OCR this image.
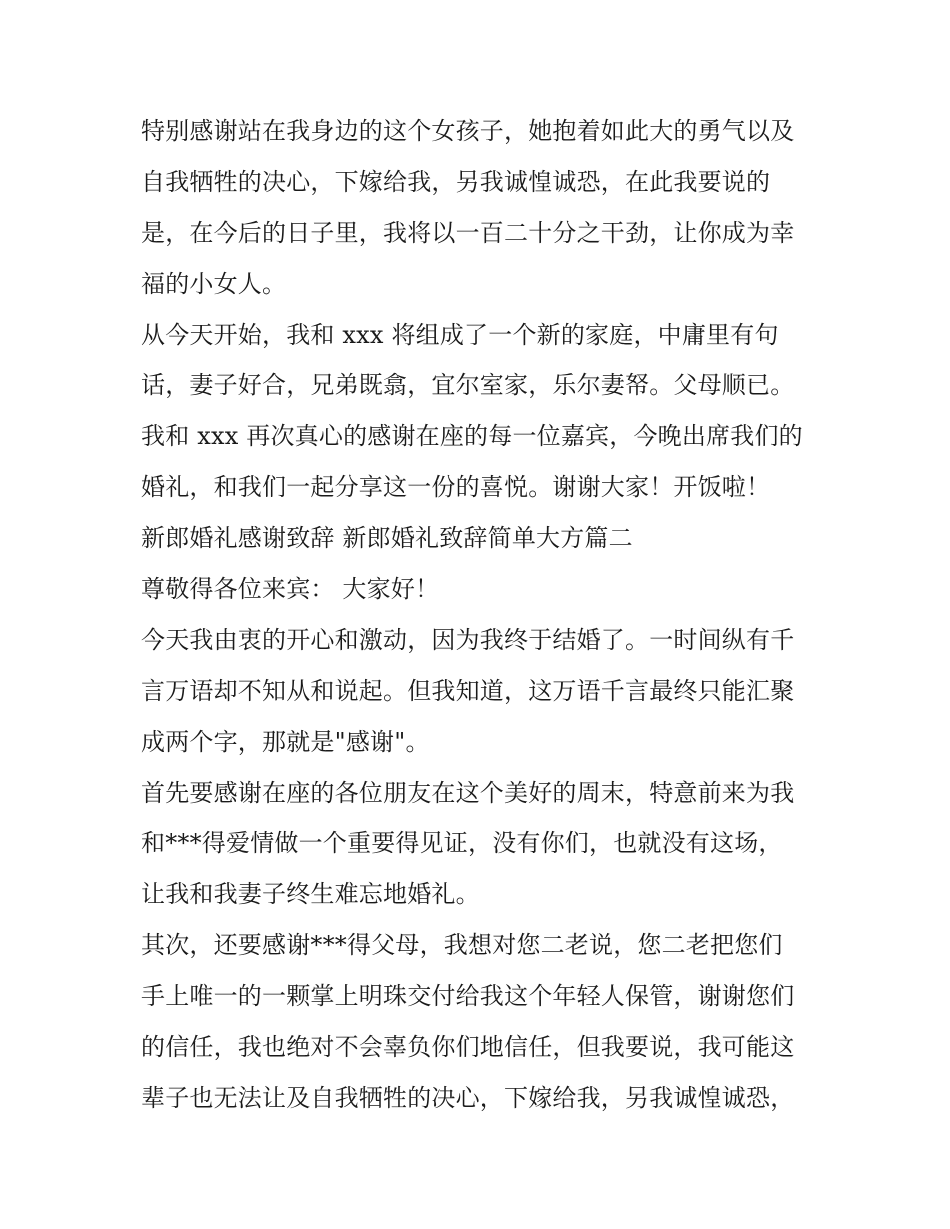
特别感谢站在我身边的这个女孩子，她抱着如此大的勇气以及
自我牺牲的决心，下嫁给我，另我诚惶诚恐，在此我要说的
是，在今后的日子里，我将以一百二十分之干劲，让你成为幸
福的小女人。
从今天开始，我和 xxx 将组成了一个新的家庭，中庸里有句
话，妻子好合，兄弟既翕，宜尔室家，乐尔妻帑。父母顺已。
我和 xxx 再次真心的感谢在座的每一位嘉宾，今晚出席我们的
婚礼，和我们一起分享这一份的喜悦。谢谢大家！开饭啦！
新郎婚礼感谢致辞 新郎婚礼致辞简单大方篇二
尊敬得各位来宾： 大家好！
今天我由衷的开心和激动，因为我终于结婚了。一时间纵有千
言万语却不知从和说起。但我知道，这万语千言最终只能汇聚
成两个字，那就是"感谢"。
首先要感谢在座的各位朋友在这个美好的周末，特意前来为我
和***得爱情做一个重要得见证，没有你们，也就没有这场，
让我和我妻子终生难忘地婚礼。
其次，还要感谢***得父母，我想对您二老说，您二老把您们
手上唯一的一颗掌上明珠交付给我这个年轻人保管，谢谢您们
的信任，我也绝对不会辜负你们地信任，但我要说，我可能这
辈子也无法让及自我牺牲的决心，下嫁给我，另我诚惶诚恐，
